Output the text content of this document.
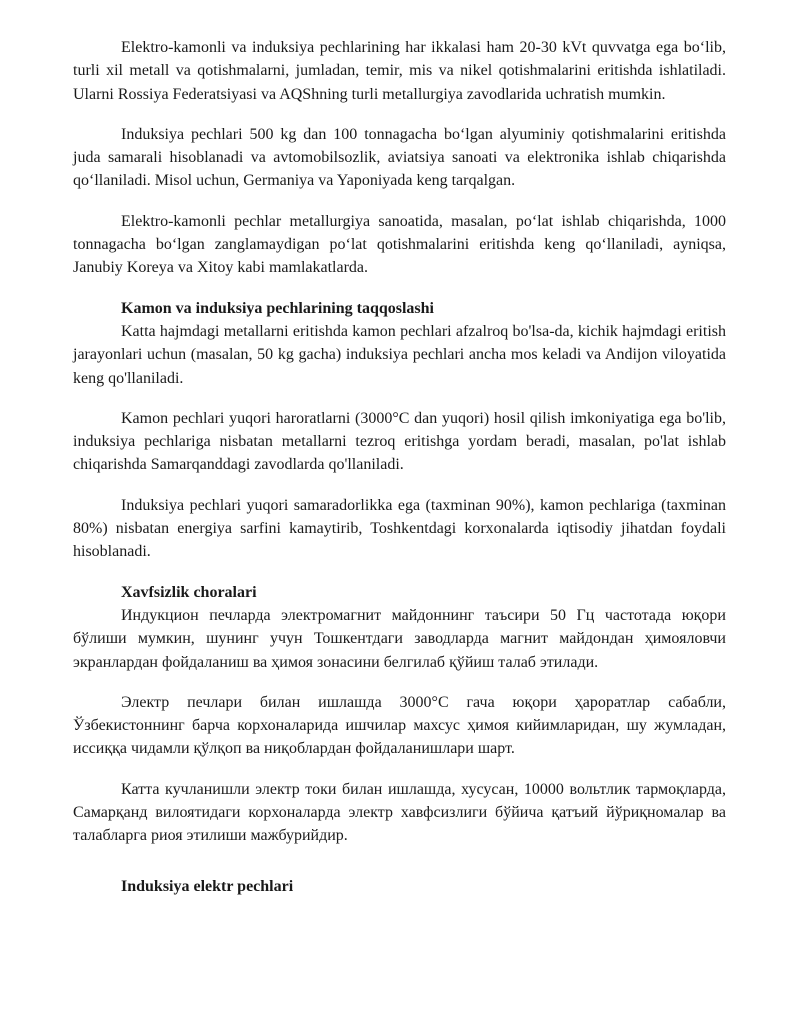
Elektro-kamonli va induksiya pechlarining har ikkalasi ham 20-30 kVt quvvatga ega bo‘lib, turli xil metall va qotishmalarni, jumladan, temir, mis va nikel qotishmalarini eritishda ishlatiladi. Ularni Rossiya Federatsiyasi va AQShning turli metallurgiya zavodlarida uchratish mumkin.

Induksiya pechlari 500 kg dan 100 tonnagacha bo‘lgan alyuminiy qotishmalarini eritishda juda samarali hisoblanadi va avtomobilsozlik, aviatsiya sanoati va elektronika ishlab chiqarishda qo‘llaniladi. Misol uchun, Germaniya va Yaponiyada keng tarqalgan.

Elektro-kamonli pechlar metallurgiya sanoatida, masalan, po‘lat ishlab chiqarishda, 1000 tonnagacha bo‘lgan zanglamaydigan po‘lat qotishmalarini eritishda keng qo‘llaniladi, ayniqsa, Janubiy Koreya va Xitoy kabi mamlakatlarda.

Kamon va induksiya pechlarining taqqoslashi

Katta hajmdagi metallarni eritishda kamon pechlari afzalroq bo'lsa-da, kichik hajmdagi eritish jarayonlari uchun (masalan, 50 kg gacha) induksiya pechlari ancha mos keladi va Andijon viloyatida keng qo'llaniladi.

Kamon pechlari yuqori haroratlarni (3000°C dan yuqori) hosil qilish imkoniyatiga ega bo'lib, induksiya pechlariga nisbatan metallarni tezroq eritishga yordam beradi, masalan, po'lat ishlab chiqarishda Samarqanddagi zavodlarda qo'llaniladi.

Induksiya pechlari yuqori samaradorlikka ega (taxminan 90%), kamon pechlariga (taxminan 80%) nisbatan energiya sarfini kamaytirib, Toshkentdagi korxonalarda iqtisodiy jihatdan foydali hisoblanadi.

Xavfsizlik choralari

Индукцион печларда электромагнит майдоннинг таъсири 50 Гц частотада юқори бўлиши мумкин, шунинг учун Тошкентдаги заводларда магнит майдондан ҳимояловчи экранлардан фойдаланиш ва ҳимоя зонасини белгилаб қўйиш талаб этилади.

Электр печлари билан ишлашда 3000°C гача юқори ҳароратлар сабабли, Ўзбекистоннинг барча корхоналарида ишчилар махсус ҳимоя кийимларидан, шу жумладан, иссиққа чидамли қўлқоп ва ниқоблардан фойдаланишлари шарт.

Катта кучланишли электр токи билан ишлашда, хусусан, 10000 вольтлик тармоқларда, Самарқанд вилоятидаги корхоналарда электр хавфсизлиги бўйича қатъий йўриқномалар ва талабларга риоя этилиши мажбурийдир.

Induksiya elektr pechlari
